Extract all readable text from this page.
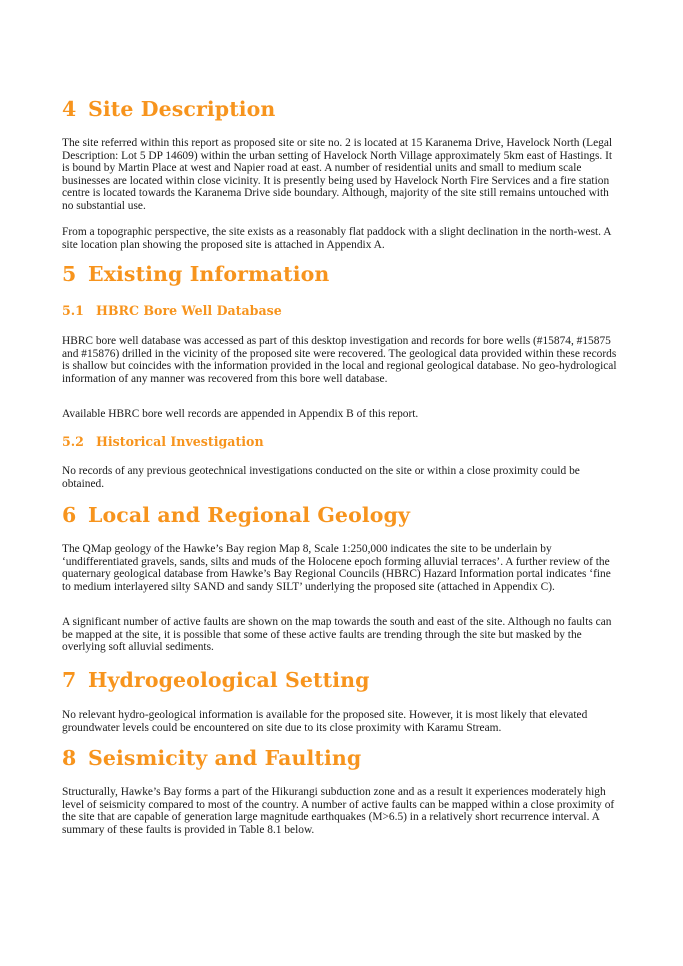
4 Site Description
The site referred within this report as proposed site or site no. 2 is located at 15 Karanema Drive, Havelock North (Legal Description: Lot 5 DP 14609) within the urban setting of Havelock North Village approximately 5km east of Hastings. It is bound by Martin Place at west and Napier road at east. A number of residential units and small to medium scale businesses are located within close vicinity. It is presently being used by Havelock North Fire Services and a fire station centre is located towards the Karanema Drive side boundary. Although, majority of the site still remains untouched with no substantial use.
From a topographic perspective, the site exists as a reasonably flat paddock with a slight declination in the north-west. A site location plan showing the proposed site is attached in Appendix A.
5 Existing Information
5.1 HBRC Bore Well Database
HBRC bore well database was accessed as part of this desktop investigation and records for bore wells (#15874, #15875 and #15876) drilled in the vicinity of the proposed site were recovered. The geological data provided within these records is shallow but coincides with the information provided in the local and regional geological database. No geo-hydrological information of any manner was recovered from this bore well database.
Available HBRC bore well records are appended in Appendix B of this report.
5.2 Historical Investigation
No records of any previous geotechnical investigations conducted on the site or within a close proximity could be obtained.
6 Local and Regional Geology
The QMap geology of the Hawke’s Bay region Map 8, Scale 1:250,000 indicates the site to be underlain by ‘undifferentiated gravels, sands, silts and muds of the Holocene epoch forming alluvial terraces’. A further review of the quaternary geological database from Hawke’s Bay Regional Councils (HBRC) Hazard Information portal indicates ‘fine to medium interlayered silty SAND and sandy SILT’ underlying the proposed site (attached in Appendix C).
A significant number of active faults are shown on the map towards the south and east of the site. Although no faults can be mapped at the site, it is possible that some of these active faults are trending through the site but masked by the overlying soft alluvial sediments.
7 Hydrogeological Setting
No relevant hydro-geological information is available for the proposed site. However, it is most likely that elevated groundwater levels could be encountered on site due to its close proximity with Karamu Stream.
8 Seismicity and Faulting
Structurally, Hawke’s Bay forms a part of the Hikurangi subduction zone and as a result it experiences moderately high level of seismicity compared to most of the country. A number of active faults can be mapped within a close proximity of the site that are capable of generation large magnitude earthquakes (M>6.5) in a relatively short recurrence interval. A summary of these faults is provided in Table 8.1 below.
